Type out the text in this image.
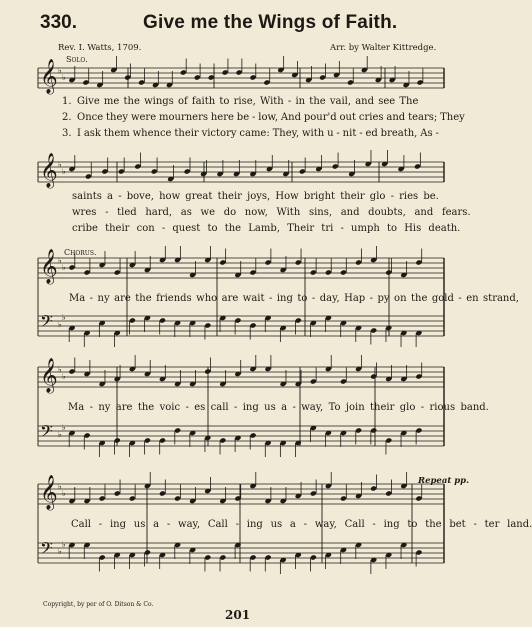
330.	Give me the Wings of Faith.
Rev. I. Watts, 1709.	Arr. by Walter Kittredge.
Solo.
𝄞 ♭
♭
𝄞 ♭
♭
𝄞 ♭
♭
𝄢 ♭
♭
𝄞 ♭
♭
𝄢 ♭
♭
𝄞 ♭
♭
𝄢 ♭
♭
1.
2.
3.
Give me the wings of faith to rise, With - in the vail, and see The
Once they were mourners here be - low, And pour'd out cries and tears; They
I ask them whence their victory came: They, with u - nit - ed breath, As -
saints a - bove, how great their joys, How bright their glo - ries be.
wres - tled hard, as we do now, With sins, and doubts, and fears.
cribe their con - quest to the Lamb, Their tri - umph to His death.
Chorus.
Ma - ny are the friends who are wait - ing to - day, Hap - py on the gold - en strand,
Ma - ny are the voic - es call - ing us a - way, To join their glo - rious band.
Call - ing us a - way, Call - ing us a - way, Call - ing to the bet - ter land.
Repeat pp.
Copyright, by per of O. Ditson & Co.
201
